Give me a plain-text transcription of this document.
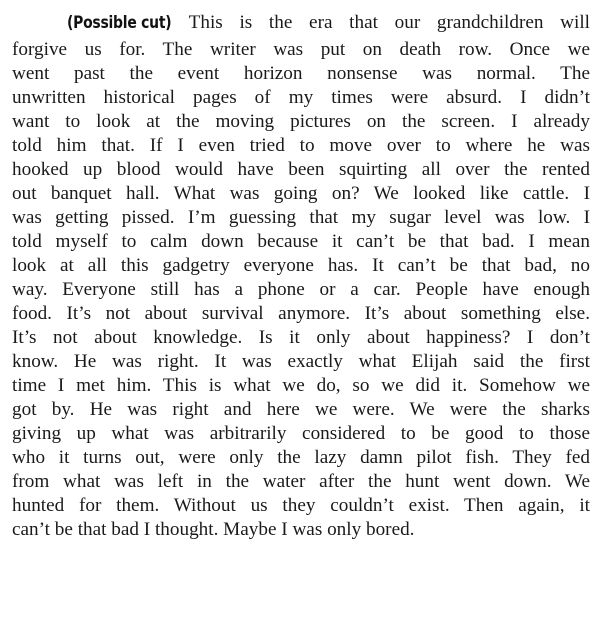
(Possible cut) This is the era that our grandchildren will
forgive us for. The writer was put on death row. Once we
went past the event horizon nonsense was normal. The
unwritten historical pages of my times were absurd. I didn’t
want to look at the moving pictures on the screen. I already
told him that. If I even tried to move over to where he was
hooked up blood would have been squirting all over the rented
out banquet hall. What was going on? We looked like cattle. I
was getting pissed. I’m guessing that my sugar level was low. I
told myself to calm down because it can’t be that bad. I mean
look at all this gadgetry everyone has. It can’t be that bad, no
way. Everyone still has a phone or a car. People have enough
food. It’s not about survival anymore. It’s about something else.
It’s not about knowledge. Is it only about happiness? I don’t
know. He was right. It was exactly what Elijah said the first
time I met him. This is what we do, so we did it. Somehow we
got by. He was right and here we were. We were the sharks
giving up what was arbitrarily considered to be good to those
who it turns out, were only the lazy damn pilot fish. They fed
from what was left in the water after the hunt went down. We
hunted for them. Without us they couldn’t exist. Then again, it
can’t be that bad I thought. Maybe I was only bored.
